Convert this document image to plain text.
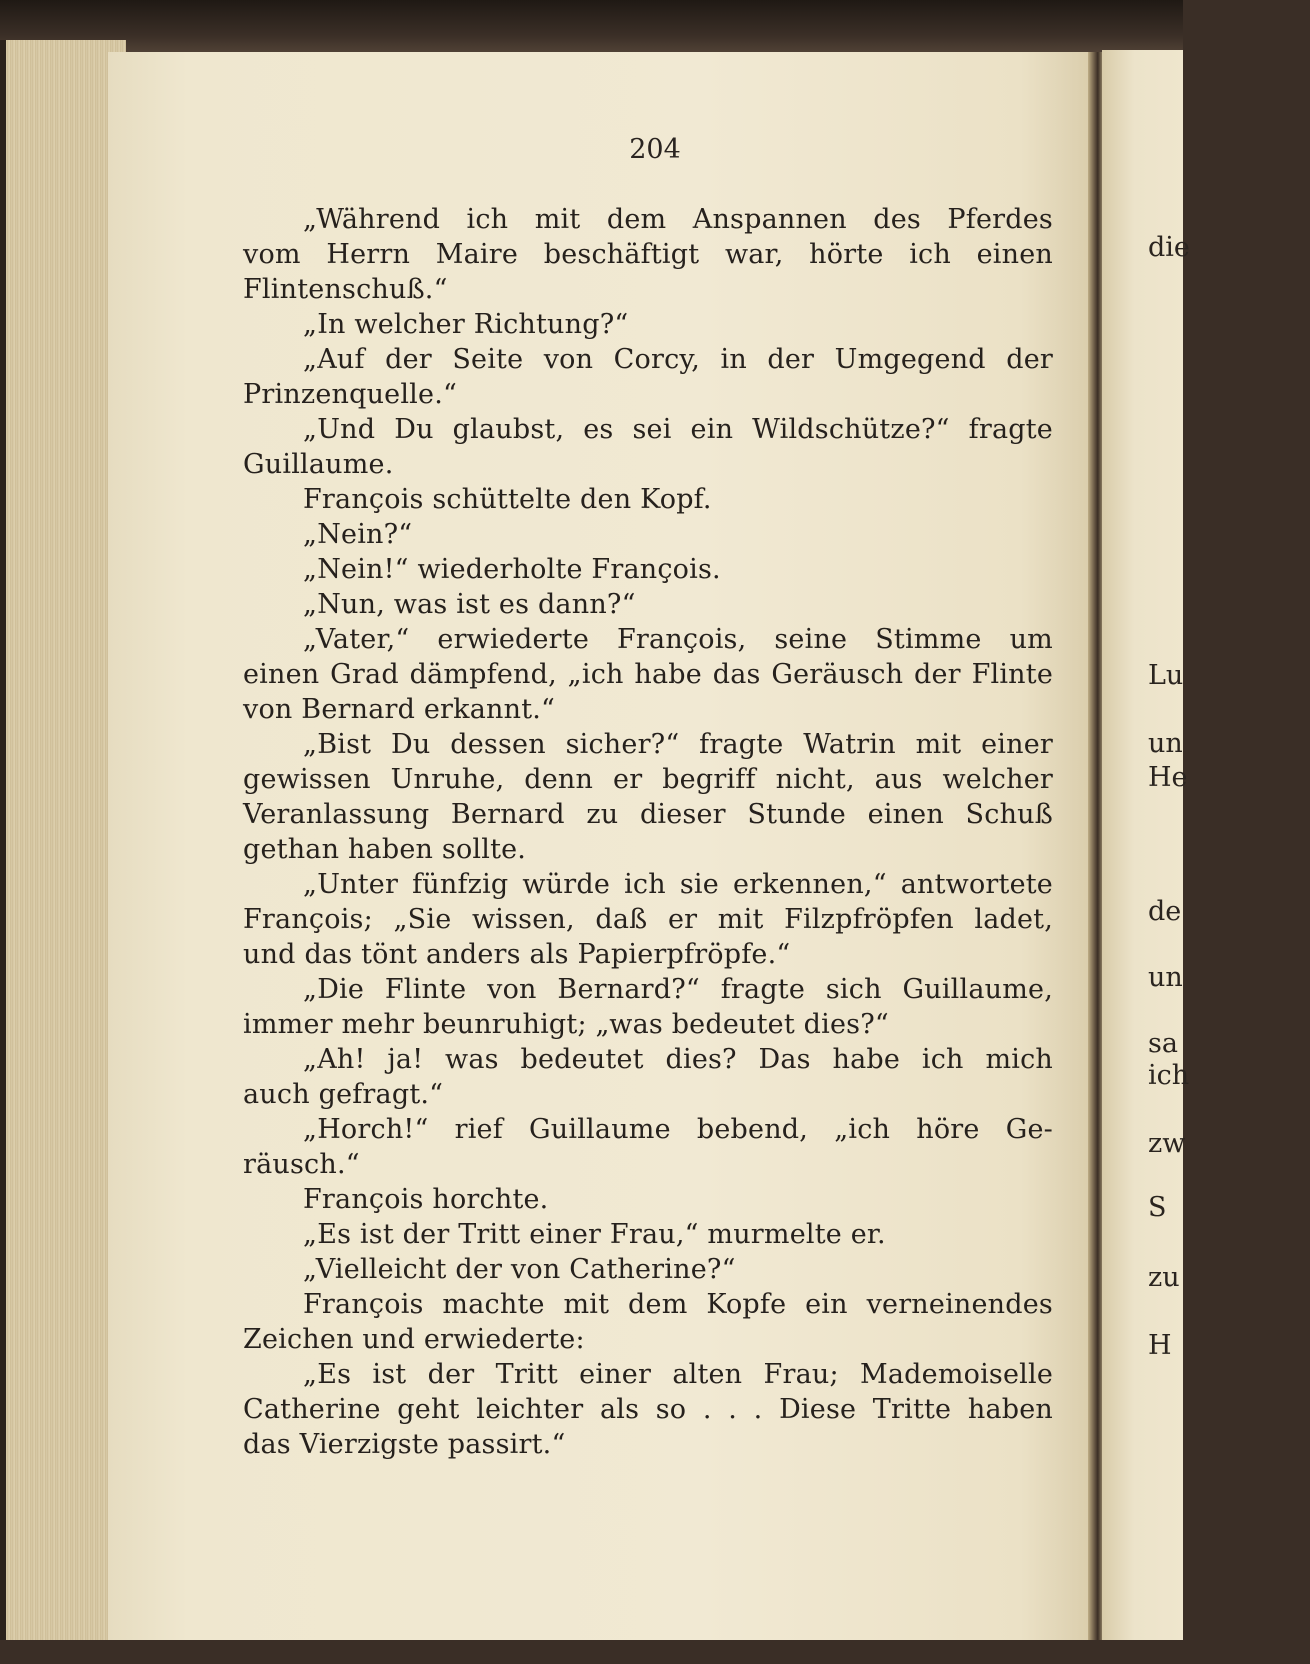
204
„Während ich mit dem Anspannen des Pferdes
vom Herrn Maire beschäftigt war, hörte ich einen
Flintenschuß.“
„In welcher Richtung?“
„Auf der Seite von Corcy, in der Umgegend der
Prinzenquelle.“
„Und Du glaubst, es sei ein Wildschütze?“ fragte
Guillaume.
François schüttelte den Kopf.
„Nein?“
„Nein!“ wiederholte François.
„Nun, was ist es dann?“
„Vater,“ erwiederte François, seine Stimme um
einen Grad dämpfend, „ich habe das Geräusch der Flinte
von Bernard erkannt.“
„Bist Du dessen sicher?“ fragte Watrin mit einer
gewissen Unruhe, denn er begriff nicht, aus welcher
Veranlassung Bernard zu dieser Stunde einen Schuß
gethan haben sollte.
„Unter fünfzig würde ich sie erkennen,“ antwortete
François; „Sie wissen, daß er mit Filzpfröpfen ladet,
und das tönt anders als Papierpfröpfe.“
„Die Flinte von Bernard?“ fragte sich Guillaume,
immer mehr beunruhigt; „was bedeutet dies?“
„Ah! ja! was bedeutet dies? Das habe ich mich
auch gefragt.“
„Horch!“ rief Guillaume bebend, „ich höre Ge-
räusch.“
François horchte.
„Es ist der Tritt einer Frau,“ murmelte er.
„Vielleicht der von Catherine?“
François machte mit dem Kopfe ein verneinendes
Zeichen und erwiederte:
„Es ist der Tritt einer alten Frau; Mademoiselle
Catherine geht leichter als so . . . Diese Tritte haben
das Vierzigste passirt.“
die
Lu
un
He
de
un
sa
ich
zw
S
zu
H
